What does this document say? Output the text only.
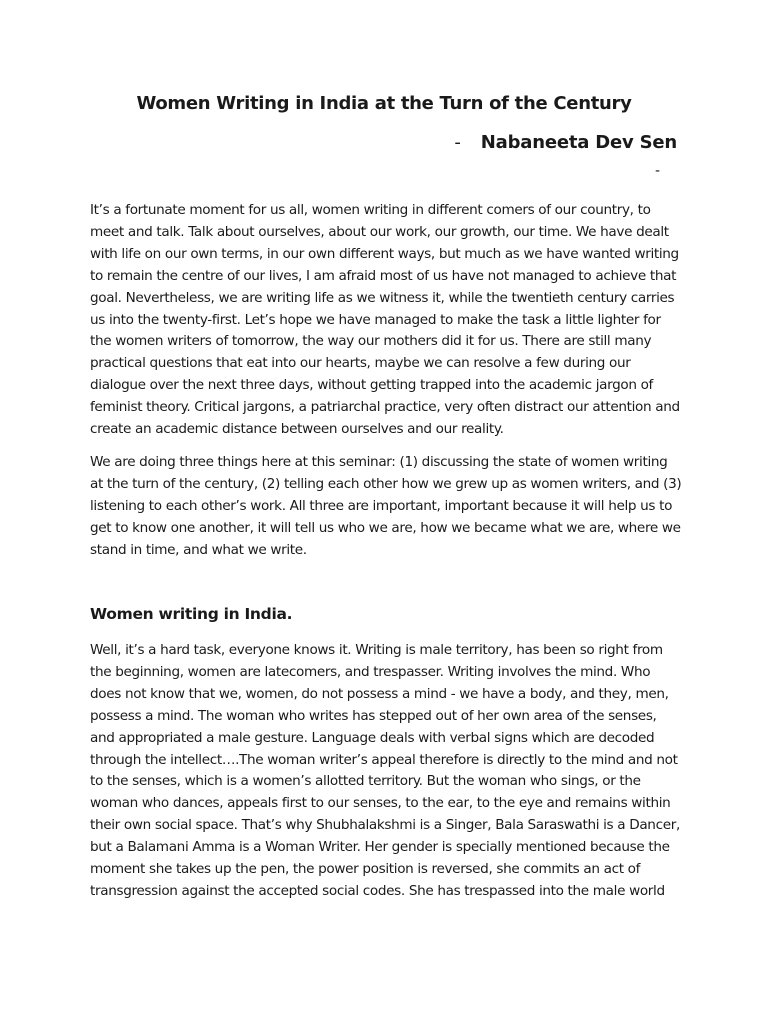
Women Writing in India at the Turn of the Century
- Nabaneeta Dev Sen
-

It’s a fortunate moment for us all, women writing in different comers of our country, to meet and talk. Talk about ourselves, about our work, our growth, our time. We have dealt with life on our own terms, in our own different ways, but much as we have wanted writing to remain the centre of our lives, I am afraid most of us have not managed to achieve that goal. Nevertheless, we are writing life as we witness it, while the twentieth century carries us into the twenty-first. Let’s hope we have managed to make the task a little lighter for the women writers of tomorrow, the way our mothers did it for us. There are still many practical questions that eat into our hearts, maybe we can resolve a few during our dialogue over the next three days, without getting trapped into the academic jargon of feminist theory. Critical jargons, a patriarchal practice, very often distract our attention and create an academic distance between ourselves and our reality.

We are doing three things here at this seminar: (1) discussing the state of women writing at the turn of the century, (2) telling each other how we grew up as women writers, and (3) listening to each other’s work. All three are important, important because it will help us to get to know one another, it will tell us who we are, how we became what we are, where we stand in time, and what we write.

Women writing in India.

Well, it’s a hard task, everyone knows it. Writing is male territory, has been so right from the beginning, women are latecomers, and trespasser. Writing involves the mind. Who does not know that we, women, do not possess a mind - we have a body, and they, men, possess a mind. The woman who writes has stepped out of her own area of the senses, and appropriated a male gesture. Language deals with verbal signs which are decoded through the intellect….The woman writer’s appeal therefore is directly to the mind and not to the senses, which is a women’s allotted territory. But the woman who sings, or the woman who dances, appeals first to our senses, to the ear, to the eye and remains within their own social space. That’s why Shubhalakshmi is a Singer, Bala Saraswathi is a Dancer, but a Balamani Amma is a Woman Writer. Her gender is specially mentioned because the moment she takes up the pen, the power position is reversed, she commits an act of transgression against the accepted social codes. She has trespassed into the male world
